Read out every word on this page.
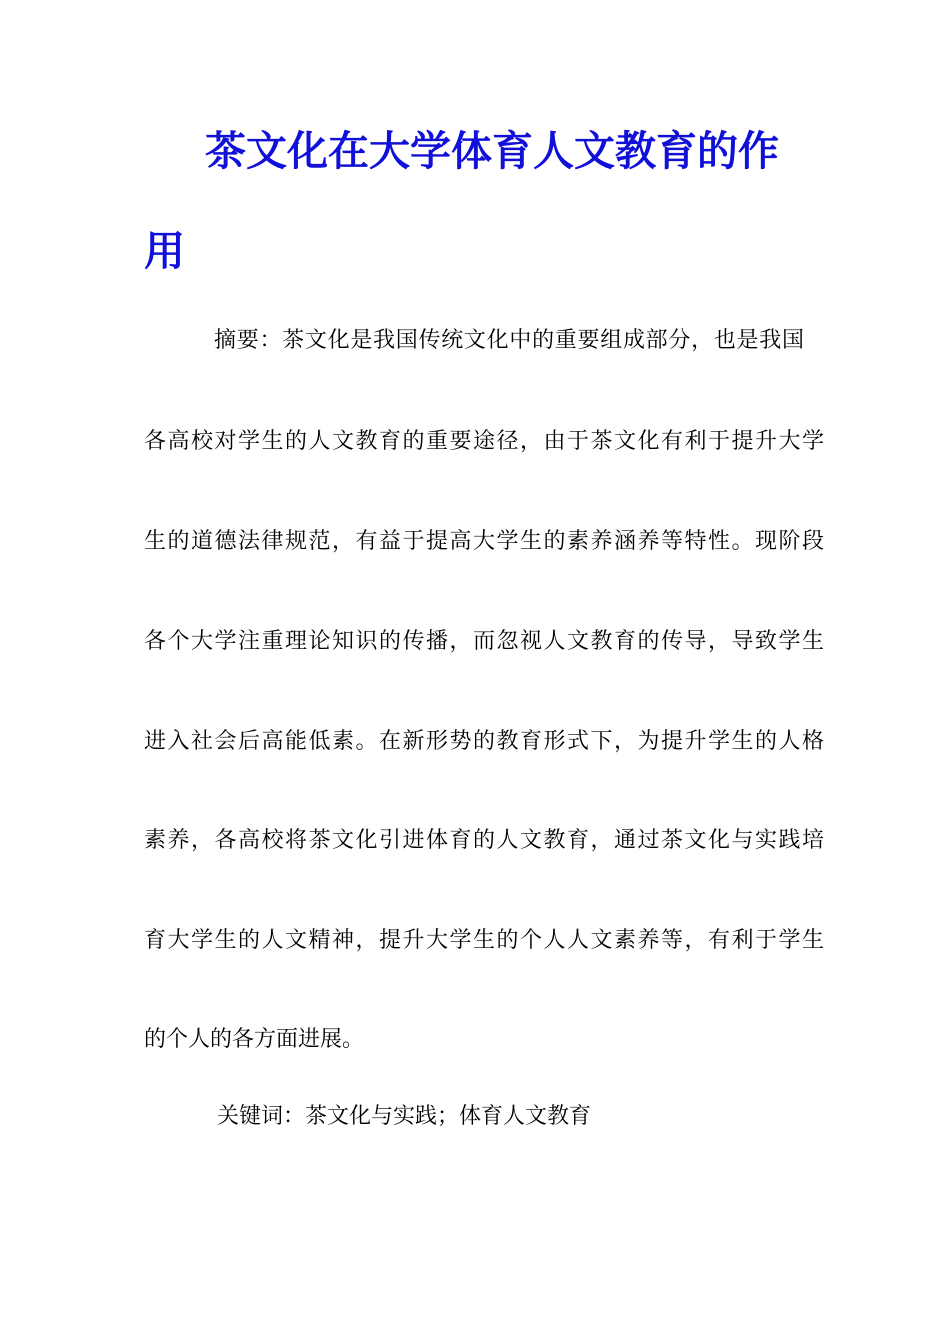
茶文化在大学体育人文教育的作
用
摘要：茶文化是我国传统文化中的重要组成部分，也是我国
各高校对学生的人文教育的重要途径，由于茶文化有利于提升大学
生的道德法律规范，有益于提高大学生的素养涵养等特性。现阶段
各个大学注重理论知识的传播，而忽视人文教育的传导，导致学生
进入社会后高能低素。在新形势的教育形式下，为提升学生的人格
素养，各高校将茶文化引进体育的人文教育，通过茶文化与实践培
育大学生的人文精神，提升大学生的个人人文素养等，有利于学生
的个人的各方面进展。
关键词：茶文化与实践；体育人文教育
